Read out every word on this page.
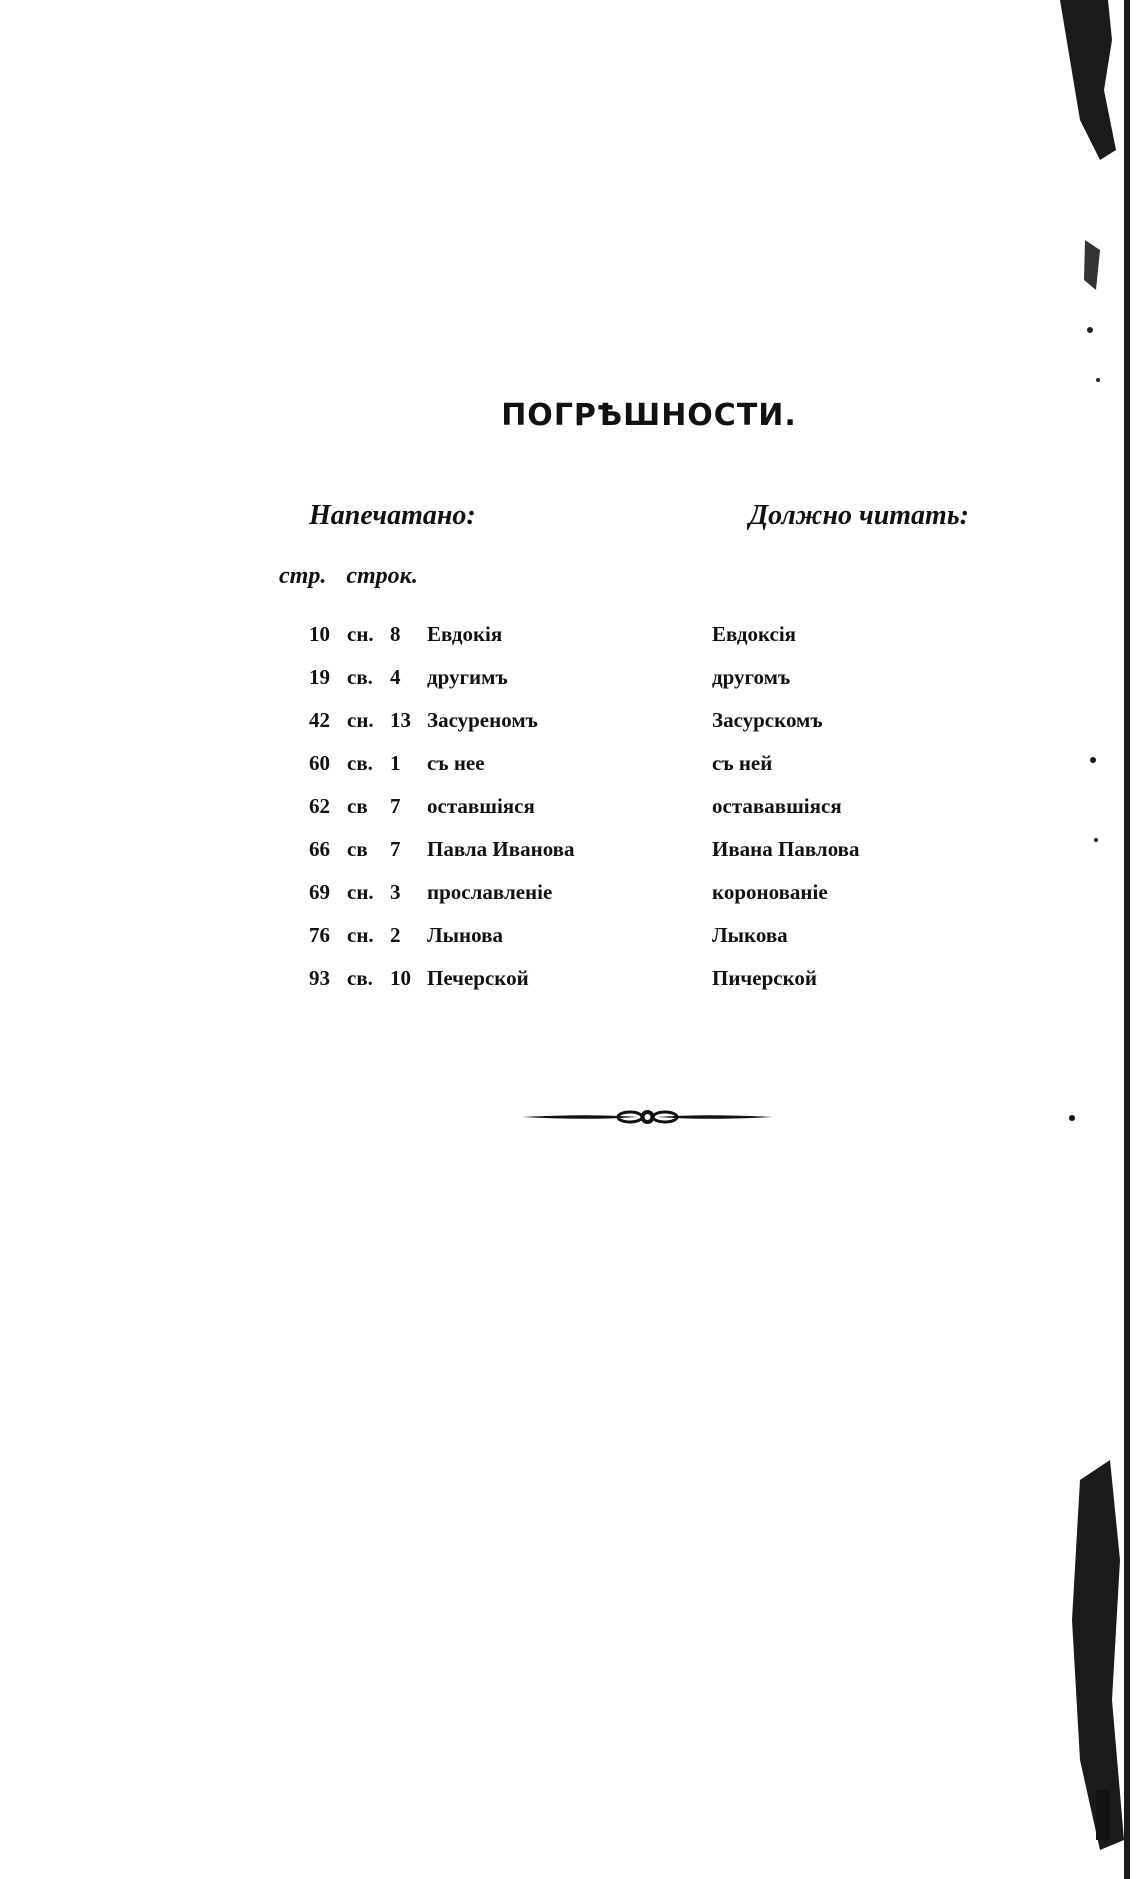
ПОГРѢШНОСТИ.
Напечатано:	Должно читать:
стр. строк.
10 сн. 8	Евдокія	Евдоксія
19 св. 4	другимъ	другомъ
42 сн. 13 Засуреномъ	Засурскомъ
60 св. 1	съ нее	съ ней
62 св 7	оставшіяся	остававшіяся
66 св 7	Павла Иванова	Ивана Павлова
69 сн. 3	прославленіе	коронованіе
76 сн. 2	Лынова	Лыкова
93 св. 10 Печерской	Пичерской
